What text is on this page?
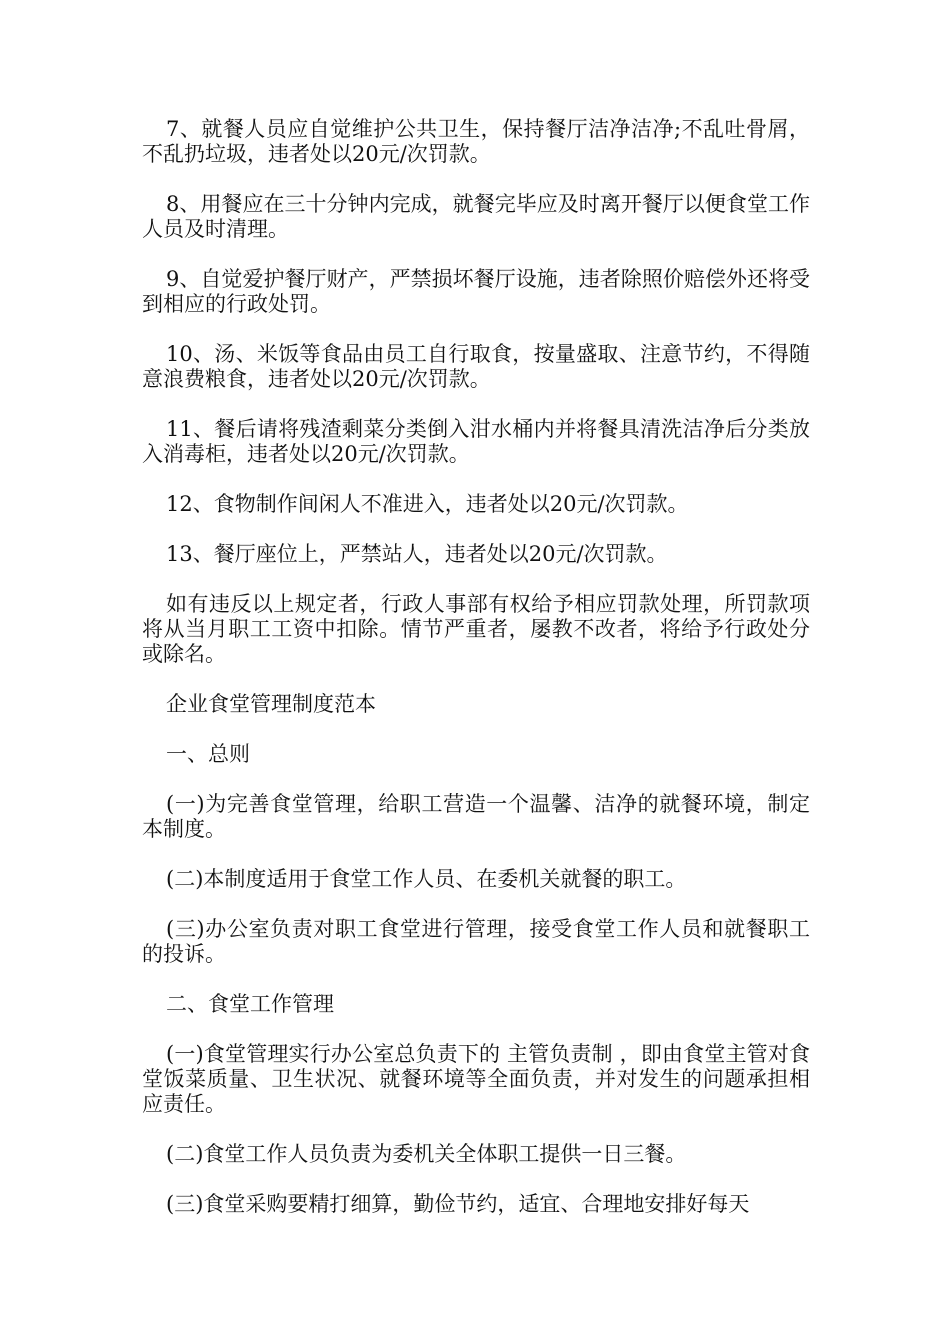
7、就餐人员应自觉维护公共卫生，保持餐厅洁净洁净;不乱吐骨屑，不乱扔垃圾，违者处以20元/次罚款。

8、用餐应在三十分钟内完成，就餐完毕应及时离开餐厅以便食堂工作人员及时清理。

9、自觉爱护餐厅财产，严禁损坏餐厅设施，违者除照价赔偿外还将受到相应的行政处罚。

10、汤、米饭等食品由员工自行取食，按量盛取、注意节约，不得随意浪费粮食，违者处以20元/次罚款。

11、餐后请将残渣剩菜分类倒入泔水桶内并将餐具清洗洁净后分类放入消毒柜，违者处以20元/次罚款。

12、食物制作间闲人不准进入，违者处以20元/次罚款。

13、餐厅座位上，严禁站人，违者处以20元/次罚款。

如有违反以上规定者，行政人事部有权给予相应罚款处理，所罚款项将从当月职工工资中扣除。情节严重者，屡教不改者，将给予行政处分或除名。

企业食堂管理制度范本

一、总则

(一)为完善食堂管理，给职工营造一个温馨、洁净的就餐环境，制定本制度。

(二)本制度适用于食堂工作人员、在委机关就餐的职工。

(三)办公室负责对职工食堂进行管理，接受食堂工作人员和就餐职工的投诉。

二、食堂工作管理

(一)食堂管理实行办公室总负责下的 主管负责制 ，即由食堂主管对食堂饭菜质量、卫生状况、就餐环境等全面负责，并对发生的问题承担相应责任。

(二)食堂工作人员负责为委机关全体职工提供一日三餐。

(三)食堂采购要精打细算，勤俭节约，适宜、合理地安排好每天
